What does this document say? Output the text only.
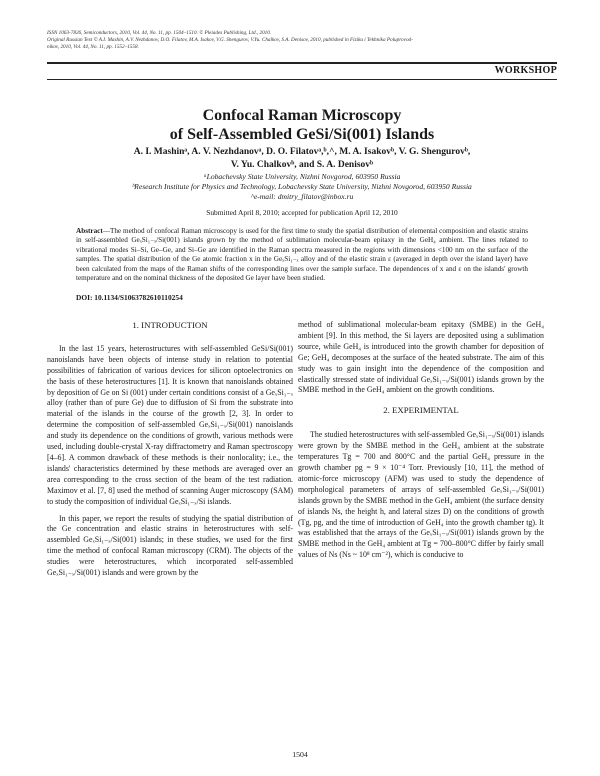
ISSN 1063-7826, Semiconductors, 2010, Vol. 44, No. 11, pp. 1504–1510. © Pleiades Publishing, Ltd., 2010.
Original Russian Text © A.I. Mashin, A.V. Nezhdanov, D.O. Filatov, M.A. Isakov, V.G. Shengurov, V.Yu. Chalkov, S.A. Denisov, 2010, published in Fizika i Tekhnika Poluprovod-
nikov, 2010, Vol. 44, No. 11, pp. 1552–1558.
WORKSHOP
Confocal Raman Microscopy
of Self-Assembled GeSi/Si(001) Islands
A. I. Mashinᵃ, A. V. Nezhdanovᵃ, D. O. Filatovᵃ,ᵇ,^, M. A. Isakovᵇ, V. G. Shengurovᵇ,
V. Yu. Chalkovᵇ, and S. A. Denisovᵇ
ᵃLobachevsky State University, Nizhni Novgorod, 603950 Russia
ᵇResearch Institute for Physics and Technology, Lobachevsky State University, Nizhni Novgorod, 603950 Russia
^e-mail: dmitry_filatov@inbox.ru
Submitted April 8, 2010; accepted for publication April 12, 2010
Abstract—The method of confocal Raman microscopy is used for the first time to study the spatial distribution of elemental composition and elastic strains in self-assembled GeₓSi₁₋ₓ/Si(001) islands grown by the method of sublimation molecular-beam epitaxy in the GeH₄ ambient. The lines related to vibrational modes Si–Si, Ge–Ge, and Si–Ge are identified in the Raman spectra measured in the regions with dimensions <100 nm on the surface of the samples. The spatial distribution of the Ge atomic fraction x in the GeₓSi₁₋ₓ alloy and of the elastic strain ε (averaged in depth over the island layer) have been calculated from the maps of the Raman shifts of the corresponding lines over the sample surface. The dependences of x and ε on the islands' growth temperature and on the nominal thickness of the deposited Ge layer have been studied.
DOI: 10.1134/S1063782610110254
1. INTRODUCTION

In the last 15 years, heterostructures with self-assembled GeSi/Si(001) nanoislands have been objects of intense study in relation to potential possibilities of fabrication of various devices for silicon optoelectronics on the basis of these heterostructures [1]. It is known that nanoislands obtained by deposition of Ge on Si (001) under certain conditions consist of a GeₓSi₁₋ₓ alloy (rather than of pure Ge) due to diffusion of Si from the substrate into material of the islands in the course of the growth [2, 3]. In order to determine the composition of self-assembled GeₓSi₁₋ₓ/Si(001) nanoislands and study its dependence on the conditions of growth, various methods were used, including double-crystal X-ray diffractometry and Raman spectroscopy [4–6]. A common drawback of these methods is their nonlocality; i.e., the islands' characteristics determined by these methods are averaged over an area corresponding to the cross section of the beam of the test radiation. Maximov et al. [7, 8] used the method of scanning Auger microscopy (SAM) to study the composition of individual GeₓSi₁₋ₓ/Si islands.

In this paper, we report the results of studying the spatial distribution of the Ge concentration and elastic strains in heterostructures with self-assembled GeₓSi₁₋ₓ/Si(001) islands; in these studies, we used for the first time the method of confocal Raman microscopy (CRM). The objects of the studies were heterostructures, which incorporated self-assembled GeₓSi₁₋ₓ/Si(001) islands and were grown by the

method of sublimational molecular-beam epitaxy (SMBE) in the GeH₄ ambient [9]. In this method, the Si layers are deposited using a sublimation source, while GeH₄ is introduced into the growth chamber for deposition of Ge; GeH₄ decomposes at the surface of the heated substrate. The aim of this study was to gain insight into the dependence of the composition and elastically stressed state of individual GeₓSi₁₋ₓ/Si(001) islands grown by the SMBE method in the GeH₄ ambient on the growth conditions.

2. EXPERIMENTAL

The studied heterostructures with self-assembled GeₓSi₁₋ₓ/Si(001) islands were grown by the SMBE method in the GeH₄ ambient at the substrate temperatures Tg = 700 and 800°C and the partial GeH₄ pressure in the growth chamber pg = 9 × 10⁻⁴ Torr. Previously [10, 11], the method of atomic-force microscopy (AFM) was used to study the dependence of morphological parameters of arrays of self-assembled GeₓSi₁₋ₓ/Si(001) islands grown by the SMBE method in the GeH₄ ambient (the surface density of islands Ns, the height h, and lateral sizes D) on the conditions of growth (Tg, pg, and the time of introduction of GeH₄ into the growth chamber tg). It was established that the arrays of the GeₓSi₁₋ₓ/Si(001) islands grown by the SMBE method in the GeH₄ ambient at Tg = 700–800°C differ by fairly small values of Ns (Ns ~ 10⁸ cm⁻²), which is conducive to

1504
